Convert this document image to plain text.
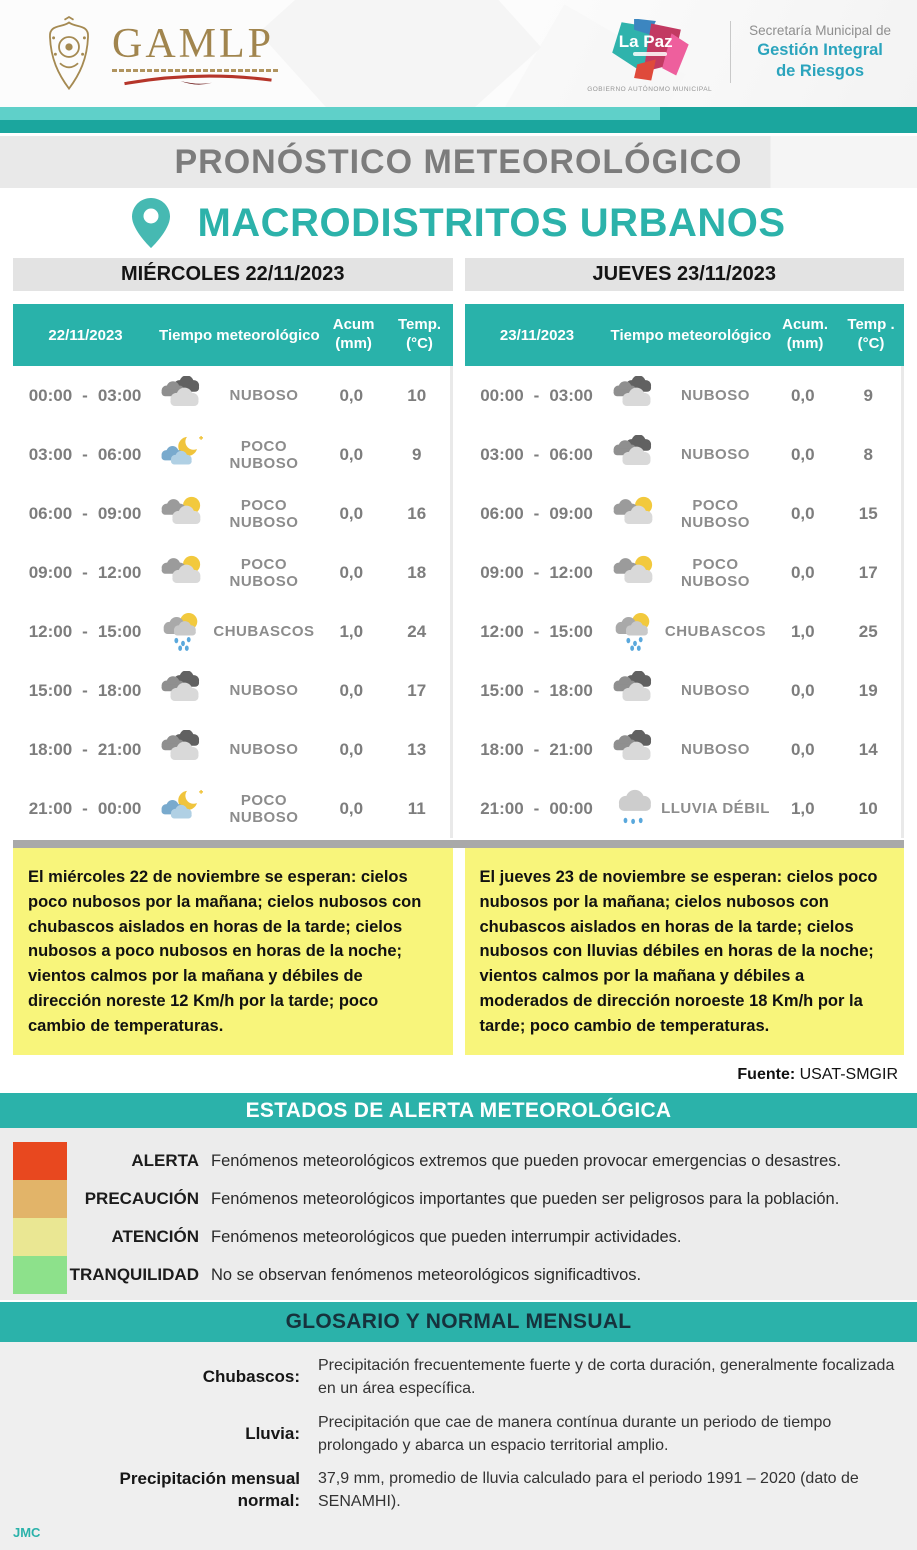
GAMLP	La Paz
GOBIERNO AUTÓNOMO MUNICIPAL
Secretaría Municipal de
Gestión Integral
de Riesgos
PRONÓSTICO METEOROLÓGICO
MACRODISTRITOS URBANOS
MIÉRCOLES 22/11/2023
22/11/2023	Tiempo meteorológico
Acum
(mm)
Temp.
(°C)
00:00 - 03:00	NUBOSO	0,0	10
03:00 - 06:00	POCO NUBOSO	0,0	9
06:00 - 09:00	POCO NUBOSO	0,0	16
09:00 - 12:00	POCO NUBOSO	0,0	18
12:00 - 15:00	CHUBASCOS	1,0	24
15:00 - 18:00	NUBOSO	0,0	17
18:00 - 21:00	NUBOSO	0,0	13
21:00 - 00:00	POCO NUBOSO	0,0	11
JUEVES 23/11/2023
23/11/2023	Tiempo meteorológico
Acum.
(mm)
Temp .
(°C)
00:00 - 03:00	NUBOSO	0,0	9
03:00 - 06:00	NUBOSO	0,0	8
06:00 - 09:00	POCO NUBOSO	0,0	15
09:00 - 12:00	POCO NUBOSO	0,0	17
12:00 - 15:00	CHUBASCOS	1,0	25
15:00 - 18:00	NUBOSO	0,0	19
18:00 - 21:00	NUBOSO	0,0	14
21:00 - 00:00	LLUVIA DÉBIL	1,0	10
El miércoles 22 de noviembre se esperan: cielos poco nubosos por la mañana; cielos nubosos con chubascos aislados en horas de la tarde; cielos nubosos a poco nubosos en horas de la noche; vientos calmos por la mañana y débiles de dirección noreste 12 Km/h por la tarde; poco cambio de temperaturas.
El jueves 23 de noviembre se esperan: cielos poco nubosos por la mañana; cielos nubosos con chubascos aislados en horas de la tarde; cielos nubosos con lluvias débiles en horas de la noche; vientos calmos por la mañana y débiles a moderados de dirección noroeste 18 Km/h por la tarde; poco cambio de temperaturas.
Fuente: USAT-SMGIR
ESTADOS DE ALERTA METEOROLÓGICA
ALERTA Fenómenos meteorológicos extremos que pueden provocar emergencias o desastres.
PRECAUCIÓN Fenómenos meteorológicos importantes que pueden ser peligrosos para la población.
ATENCIÓN Fenómenos meteorológicos que pueden interrumpir actividades.
TRANQUILIDAD No se observan fenómenos meteorológicos significadtivos.
GLOSARIO Y NORMAL MENSUAL
Chubascos:
Precipitación frecuentemente fuerte y de corta duración, generalmente focalizada en un área específica.
Lluvia:
Precipitación que cae de manera contínua durante un periodo de tiempo prolongado y abarca un espacio territorial amplio.
Precipitación mensual normal:
37,9 mm, promedio de lluvia calculado para el periodo 1991 – 2020 (dato de SENAMHI).
JMC
